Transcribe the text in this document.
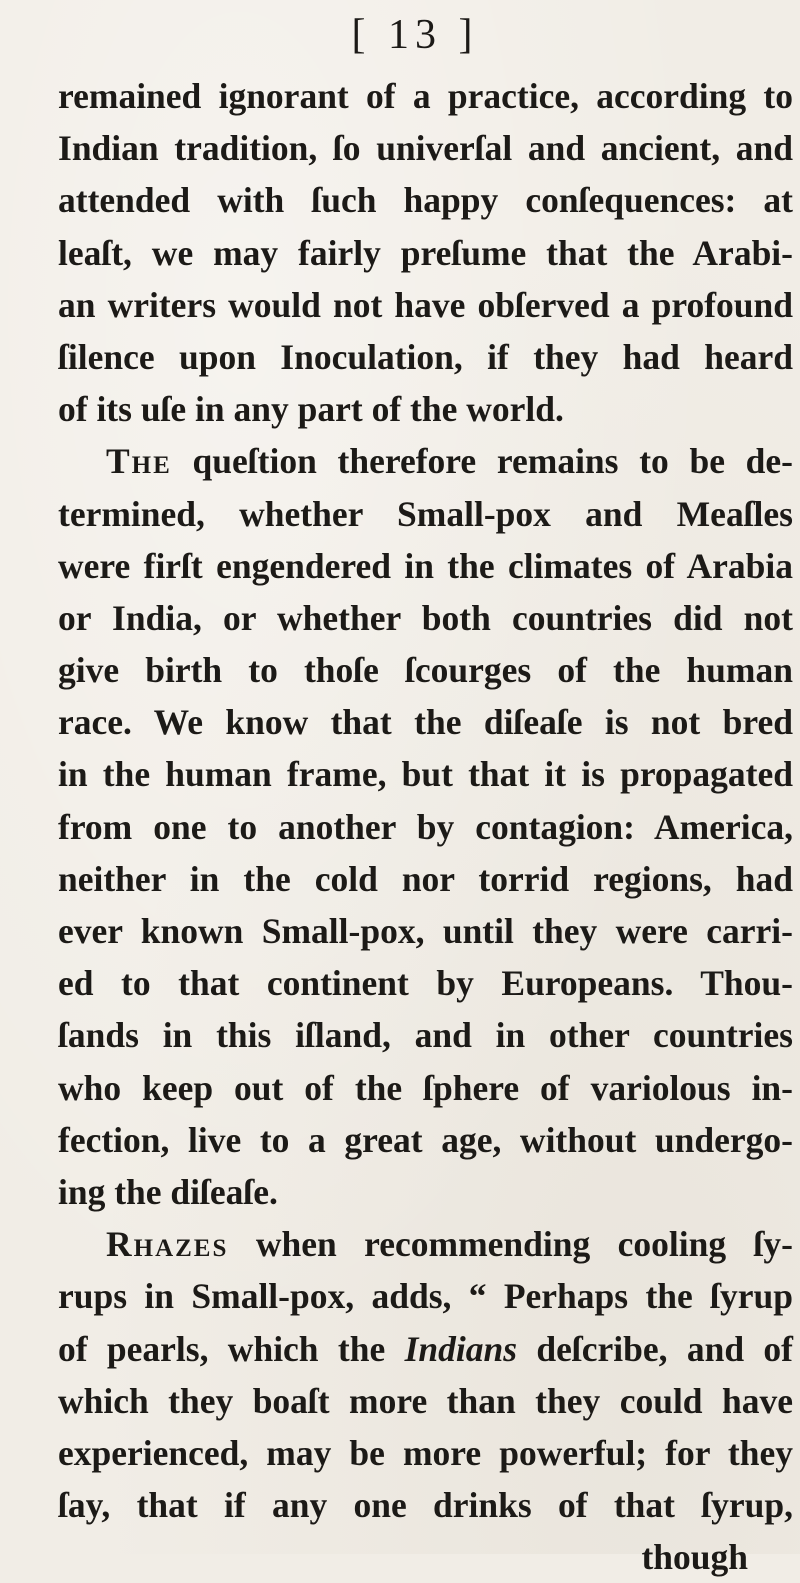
[ 13 ]
remained ignorant of a practice, according to
Indian tradition, ſo univerſal and ancient, and
attended with ſuch happy conſequences: at
leaſt, we may fairly preſume that the Arabi-
an writers would not have obſerved a profound
ſilence upon Inoculation, if they had heard
of its uſe in any part of the world.
The queſtion therefore remains to be de-
termined, whether Small-pox and Meaſles
were firſt engendered in the climates of Arabia
or India, or whether both countries did not
give birth to thoſe ſcourges of the human
race. We know that the diſeaſe is not bred
in the human frame, but that it is propagated
from one to another by contagion: America,
neither in the cold nor torrid regions, had
ever known Small-pox, until they were carri-
ed to that continent by Europeans. Thou-
ſands in this iſland, and in other countries
who keep out of the ſphere of variolous in-
fection, live to a great age, without undergo-
ing the diſeaſe.
Rhazes when recommending cooling ſy-
rups in Small-pox, adds, “ Perhaps the ſyrup
of pearls, which the Indians deſcribe, and of
which they boaſt more than they could have
experienced, may be more powerful; for they
ſay, that if any one drinks of that ſyrup,
though
